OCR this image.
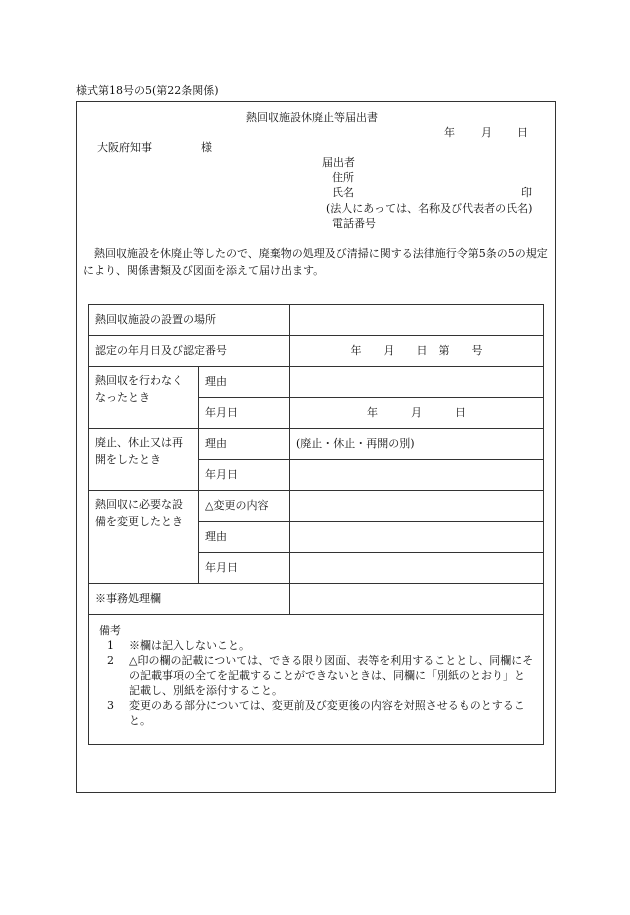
様式第18号の5(第22条関係)
熱回収施設休廃止等届出書
年 月 日
大阪府知事	様
届出者
住所
氏名	印
(法人にあっては、名称及び代表者の氏名)
電話番号
熱回収施設を休廃止等したので、廃棄物の処理及び清掃に関する法律施行令第5条の5の規定により、関係書類及び図面を添えて届け出ます。
熱回収施設の設置の場所		
認定の年月日及び認定番号		年　　月　　日　第　　号
熱回収を行わなくなったとき	理由	
	年月日	年　　　月　　　日
廃止、休止又は再開をしたとき	理由	(廃止・休止・再開の別)
	年月日	
熱回収に必要な設備を変更したとき	△変更の内容	
	理由	
	年月日	
※事務処理欄		

備考

1	※欄は記入しないこと。
2	△印の欄の記載については、できる限り図面、表等を利用することとし、同欄にその記載事項の全てを記載することができないときは、同欄に「別紙のとおり」と記載し、別紙を添付すること。
3	変更のある部分については、変更前及び変更後の内容を対照させるものとすること。
